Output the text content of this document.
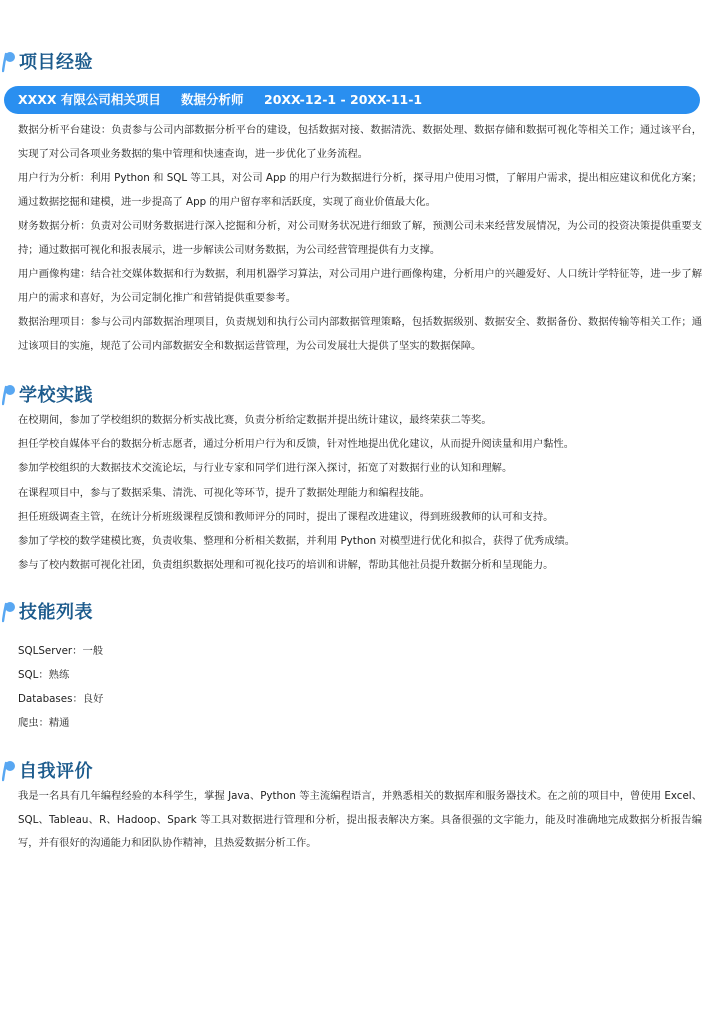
项目经验
XXXX 有限公司相关项目 数据分析师 20XX-12-1 - 20XX-11-1

数据分析平台建设：负责参与公司内部数据分析平台的建设，包括数据对接、数据清洗、数据处理、数据存储和数据可视化等相关工作；通过该平台，实现了对公司各项业务数据的集中管理和快速查询，进一步优化了业务流程。

用户行为分析：利用 Python 和 SQL 等工具，对公司 App 的用户行为数据进行分析，探寻用户使用习惯，了解用户需求，提出相应建议和优化方案；通过数据挖掘和建模，进一步提高了 App 的用户留存率和活跃度，实现了商业价值最大化。

财务数据分析：负责对公司财务数据进行深入挖掘和分析，对公司财务状况进行细致了解，预测公司未来经营发展情况，为公司的投资决策提供重要支持；通过数据可视化和报表展示，进一步解读公司财务数据，为公司经营管理提供有力支撑。

用户画像构建：结合社交媒体数据和行为数据，利用机器学习算法，对公司用户进行画像构建，分析用户的兴趣爱好、人口统计学特征等，进一步了解用户的需求和喜好，为公司定制化推广和营销提供重要参考。

数据治理项目：参与公司内部数据治理项目，负责规划和执行公司内部数据管理策略，包括数据级别、数据安全、数据备份、数据传输等相关工作；通过该项目的实施，规范了公司内部数据安全和数据运营管理，为公司发展壮大提供了坚实的数据保障。

学校实践
在校期间，参加了学校组织的数据分析实战比赛，负责分析给定数据并提出统计建议，最终荣获二等奖。
担任学校自媒体平台的数据分析志愿者，通过分析用户行为和反馈，针对性地提出优化建议，从而提升阅读量和用户黏性。
参加学校组织的大数据技术交流论坛，与行业专家和同学们进行深入探讨，拓宽了对数据行业的认知和理解。
在课程项目中，参与了数据采集、清洗、可视化等环节，提升了数据处理能力和编程技能。
担任班级调查主管，在统计分析班级课程反馈和教师评分的同时，提出了课程改进建议，得到班级教师的认可和支持。
参加了学校的数学建模比赛，负责收集、整理和分析相关数据，并利用 Python 对模型进行优化和拟合，获得了优秀成绩。
参与了校内数据可视化社团，负责组织数据处理和可视化技巧的培训和讲解，帮助其他社员提升数据分析和呈现能力。
技能列表
SQLServer：一般
SQL：熟练
Databases：良好
爬虫：精通
自我评价

我是一名具有几年编程经验的本科学生，掌握 Java、Python 等主流编程语言，并熟悉相关的数据库和服务器技术。在之前的项目中，曾使用 Excel、SQL、Tableau、R、Hadoop、Spark 等工具对数据进行管理和分析，提出报表解决方案。具备很强的文字能力，能及时准确地完成数据分析报告编写，并有很好的沟通能力和团队协作精神，且热爱数据分析工作。
